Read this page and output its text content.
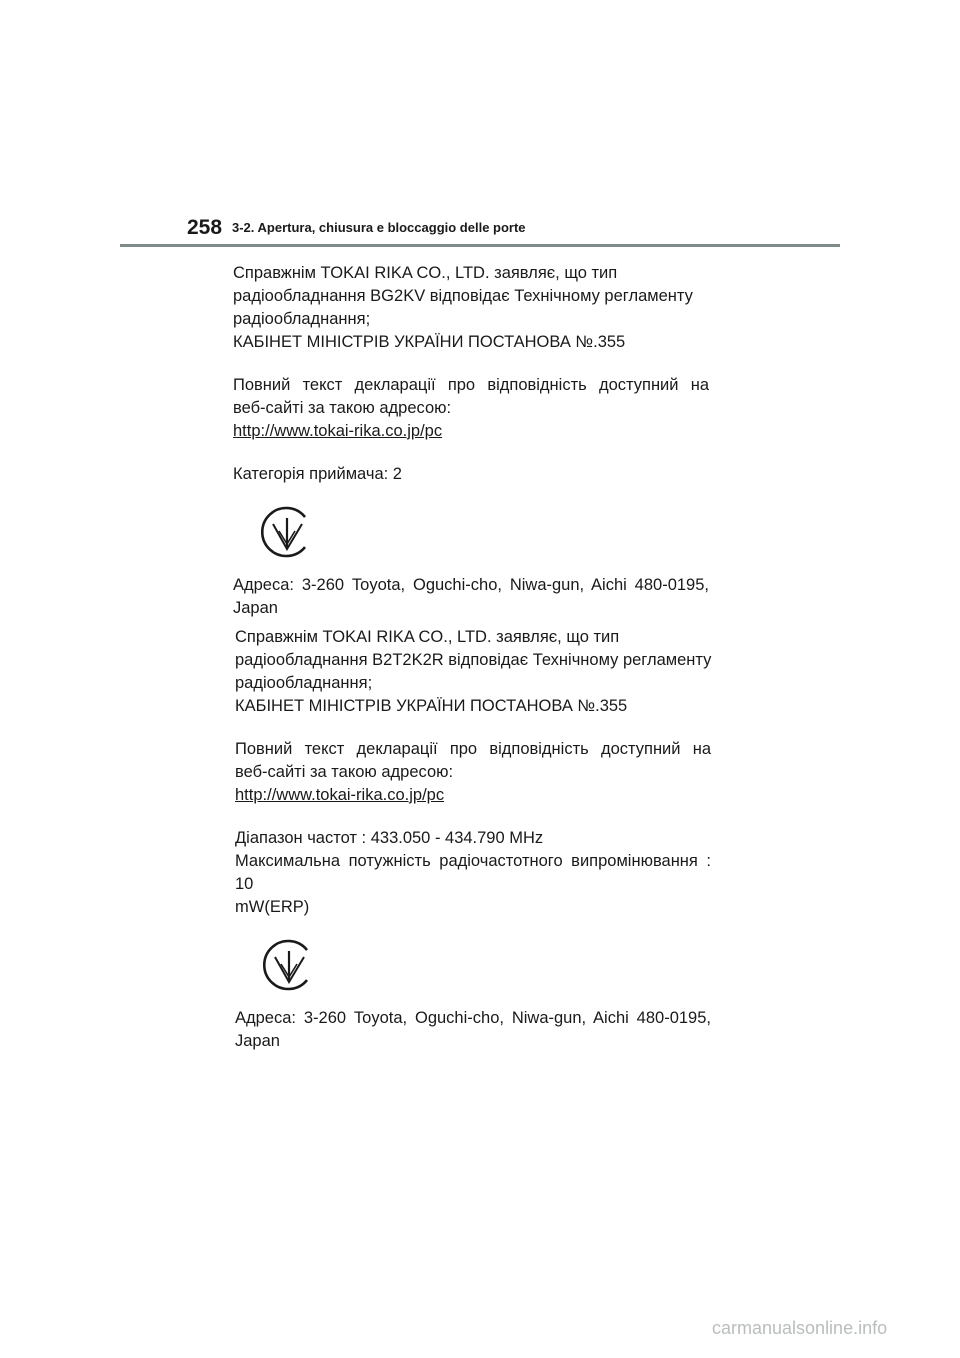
258 3-2. Apertura, chiusura e bloccaggio delle porte
Справжнім TOKAI RIKA CO., LTD. заявляє, що тип
радіообладнання BG2KV відповідає Технічному регламенту
радіообладнання;
КАБІНЕТ МІНІСТРІВ УКРАЇНИ ПОСТАНОВА №.355
Повний текст декларації про відповідність доступний на
веб-сайті за такою адресою:
http://www.tokai-rika.co.jp/pc
Категорія приймача: 2
Адреса: 3-260 Toyota, Oguchi-cho, Niwa-gun, Aichi 480-0195,
Japan
Справжнім TOKAI RIKA CO., LTD. заявляє, що тип
радіообладнання B2T2K2R відповідає Технічному регламенту
радіообладнання;
КАБІНЕТ МІНІСТРІВ УКРАЇНИ ПОСТАНОВА №.355
Повний текст декларації про відповідність доступний на
веб-сайті за такою адресою:
http://www.tokai-rika.co.jp/pc
Діапазон частот : 433.050 - 434.790 MHz
Максимальна потужність радіочастотного випромінювання : 10
mW(ERP)
Адреса: 3-260 Toyota, Oguchi-cho, Niwa-gun, Aichi 480-0195,
Japan
carmanualsonline.info
